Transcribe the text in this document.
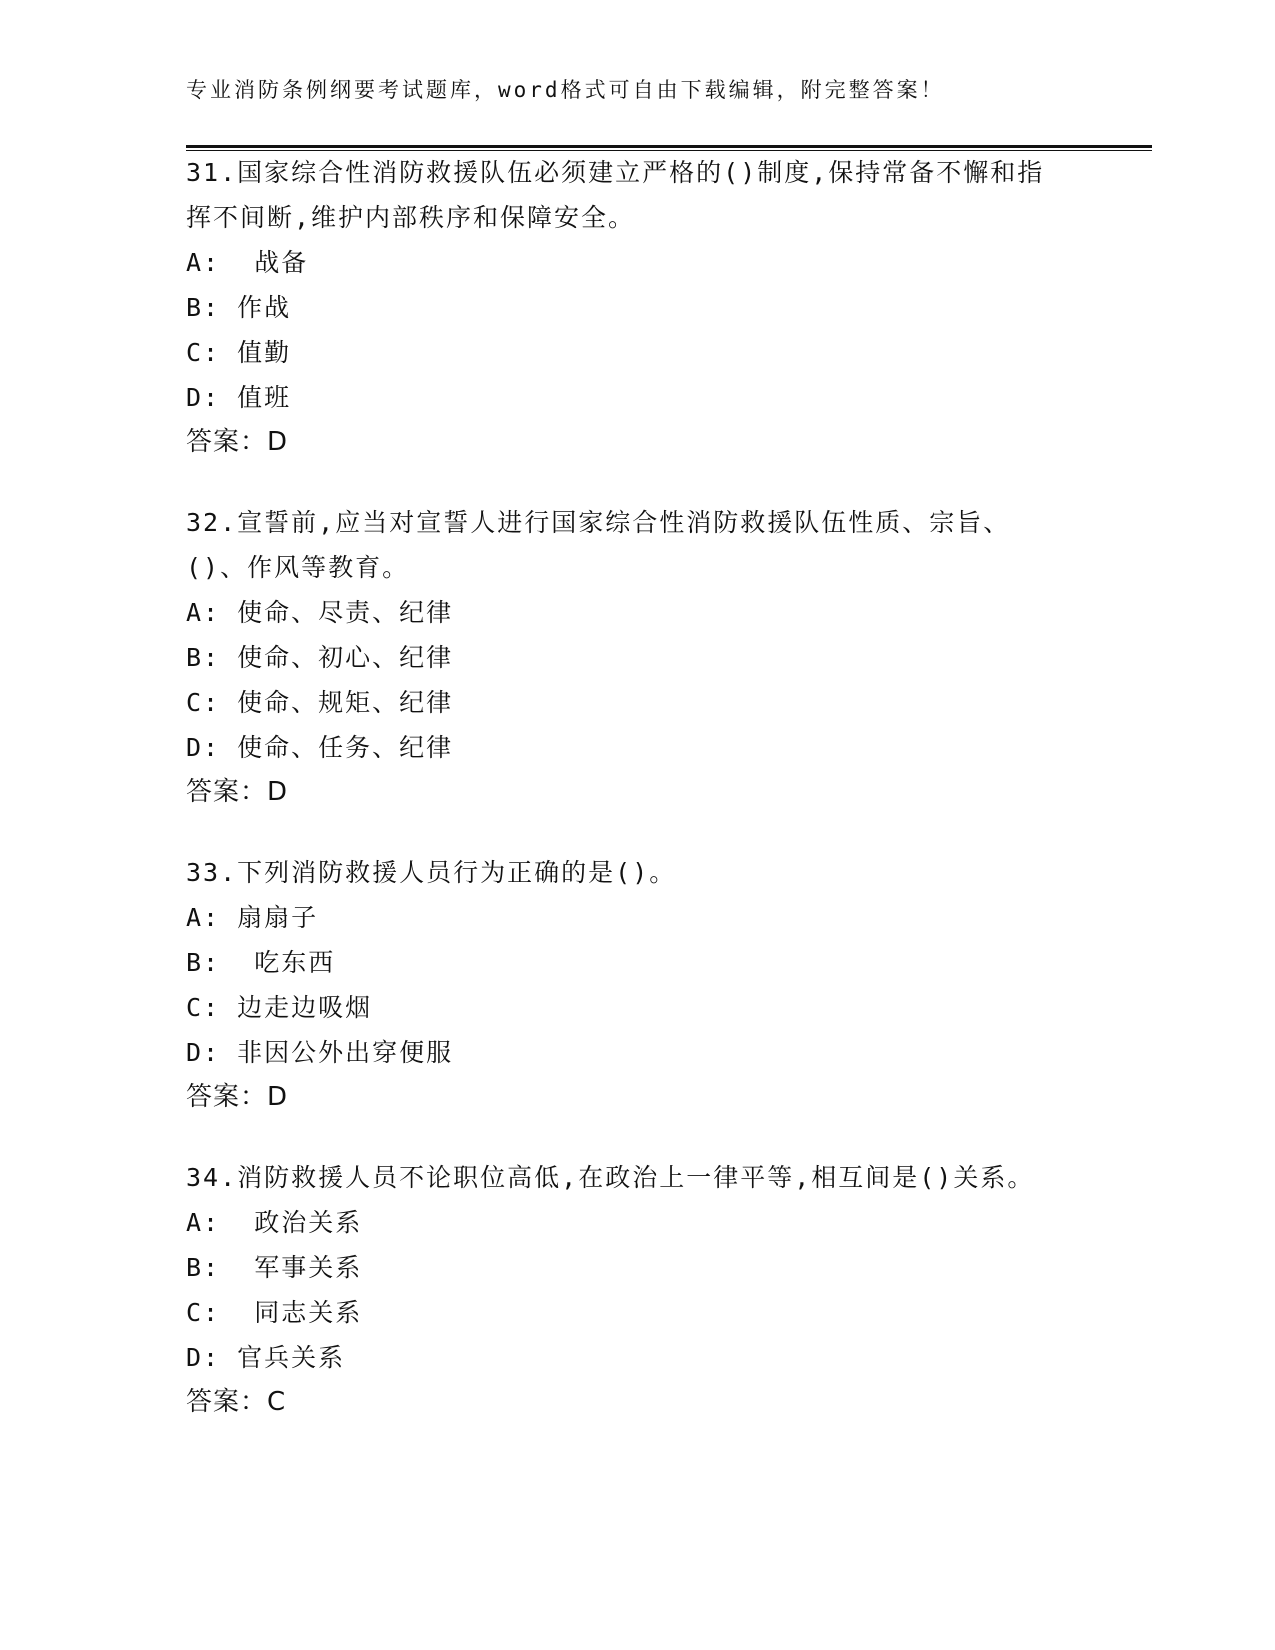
专业消防条例纲要考试题库，word格式可自由下载编辑，附完整答案！

31.国家综合性消防救援队伍必须建立严格的()制度,保持常备不懈和指挥不间断,维护内部秩序和保障安全。

A:  战备

B: 作战

C: 值勤

D: 值班

答案：D

32.宣誓前,应当对宣誓人进行国家综合性消防救援队伍性质、宗旨、()、作风等教育。

A: 使命、尽责、纪律

B: 使命、初心、纪律

C: 使命、规矩、纪律

D: 使命、任务、纪律

答案：D

33.下列消防救援人员行为正确的是()。

A: 扇扇子

B:  吃东西

C: 边走边吸烟

D: 非因公外出穿便服

答案：D

34.消防救援人员不论职位高低,在政治上一律平等,相互间是()关系。

A:  政治关系

B:  军事关系

C:  同志关系

D: 官兵关系

答案：C
